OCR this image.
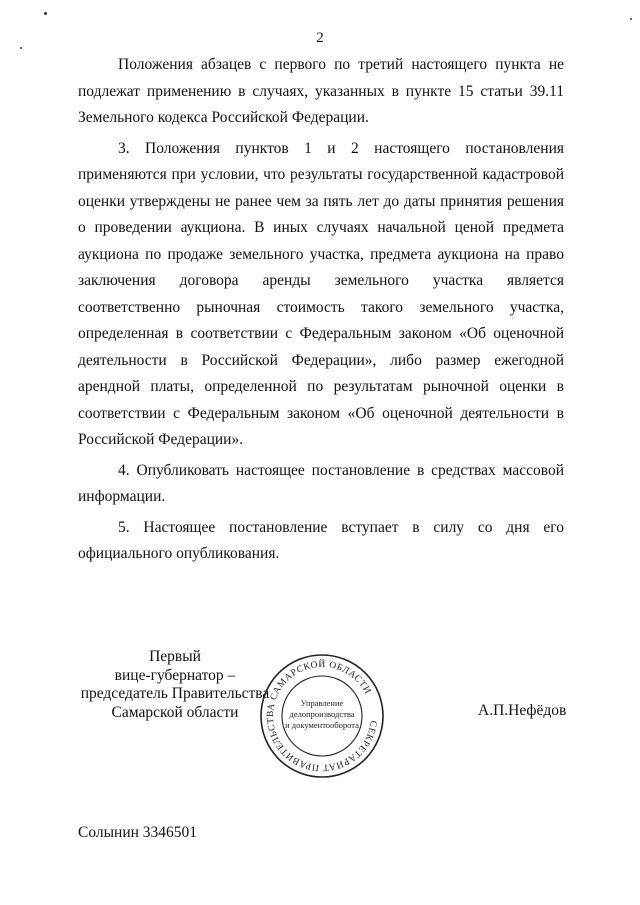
2

Положения абзацев с первого по третий настоящего пункта не подлежат применению в случаях, указанных в пункте 15 статьи 39.11 Земельного кодекса Российской Федерации.

3. Положения пунктов 1 и 2 настоящего постановления применяются при условии, что результаты государственной кадастровой оценки утверждены не ранее чем за пять лет до даты принятия решения о проведении аукциона. В иных случаях начальной ценой предмета аукциона по продаже земельного участка, предмета аукциона на право заключения договора аренды земельного участка является соответственно рыночная стоимость такого земельного участка, определенная в соответствии с Федеральным законом «Об оценочной деятельности в Российской Федерации», либо размер ежегодной арендной платы, определенной по результатам рыночной оценки в соответствии с Федеральным законом «Об оценочной деятельности в Российской Федерации».

4. Опубликовать настоящее постановление в средствах массовой информации.

5. Настоящее постановление вступает в силу со дня его официального опубликования.

Первый
вице-губернатор –
председатель Правительства
Самарской области
СЕКРЕТАРИАТ ПРАВИТЕЛЬСТВА САМАРСКОЙ ОБЛАСТИ
Управление
делопроизводства
и документооборота
А.П.Нефёдов
Солынин 3346501
